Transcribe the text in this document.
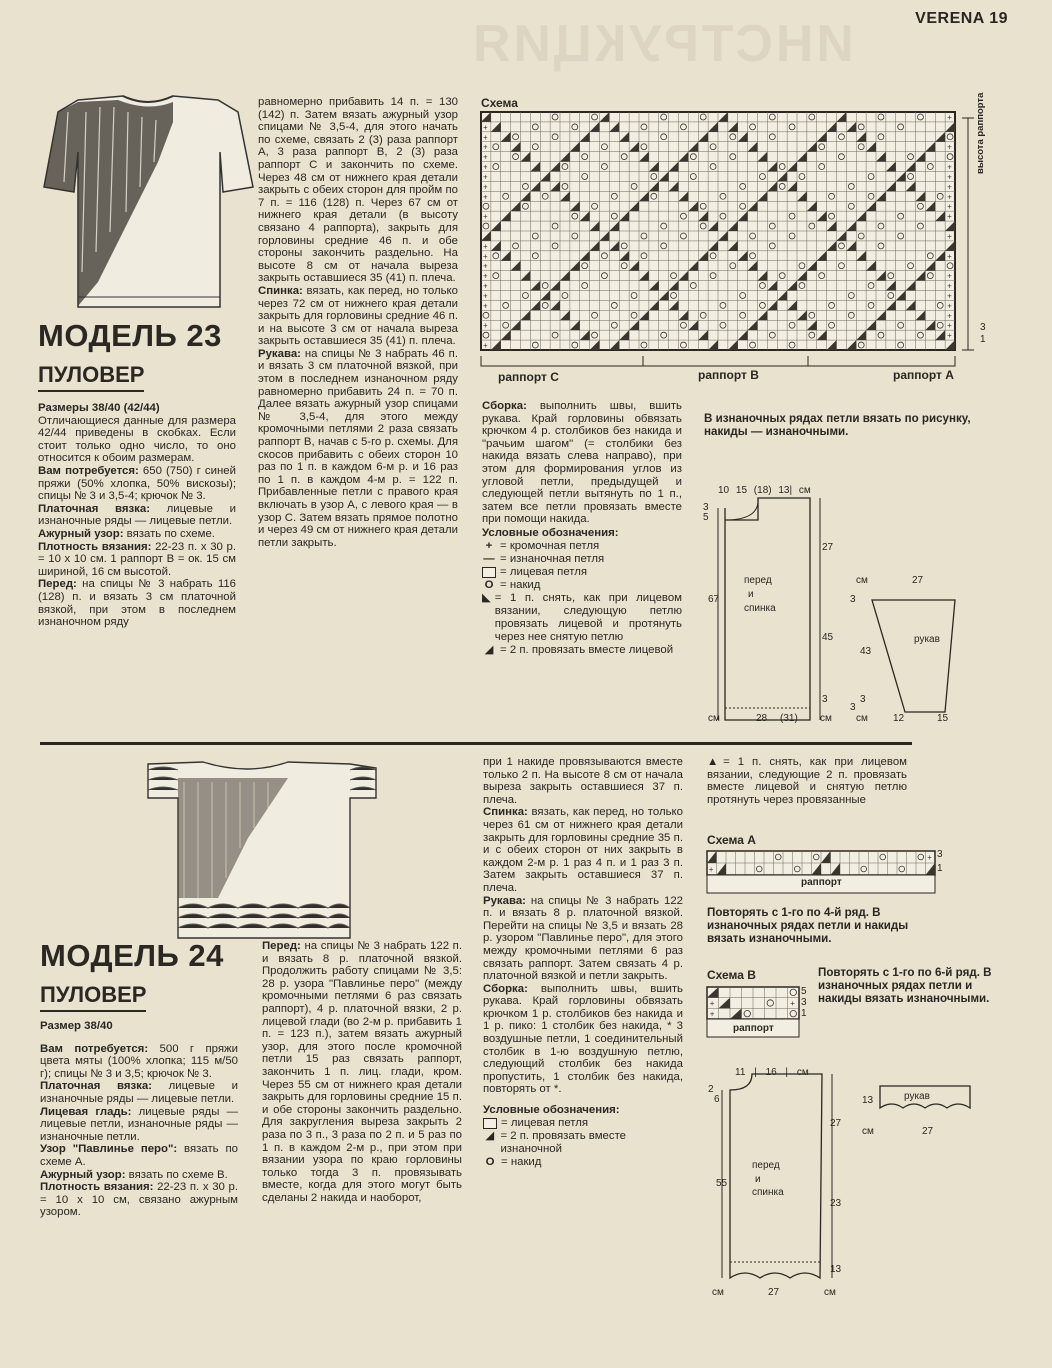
ИНСТРУКЦИЯ	VERENA 19
МОДЕЛЬ 23
ПУЛОВЕР

Размеры 38/40 (42/44)

Отличающиеся данные для размера 42/44 приведены в скобках. Если стоит только одно число, то оно относится к обоим размерам.

Вам потребуется: 650 (750) г синей пряжи (50% хлопка, 50% вискозы); спицы № 3 и 3,5-4; крючок № 3.

Платочная вязка: лицевые и изнаночные ряды — лицевые петли.

Ажурный узор: вязать по схеме.

Плотность вязания: 22-23 п. х 30 р. = 10 х 10 см. 1 раппорт В = ок. 15 см шириной, 16 см высотой.

Перед: на спицы № 3 набрать 116 (128) п. и вязать 3 см платочной вязкой, при этом в последнем изнаночном ряду

равномерно прибавить 14 п. = 130 (142) п. Затем вязать ажурный узор спицами № 3,5-4, для этого начать по схеме, связать 2 (3) раза раппорт А, 3 раза раппорт В, 2 (3) раза раппорт С и закончить по схеме. Через 48 см от нижнего края детали закрыть с обеих сторон для пройм по 7 п. = 116 (128) п. Через 67 см от нижнего края детали (в высоту связано 4 раппорта), закрыть для горловины средние 46 п. и обе стороны закончить раздельно. На высоте 8 см от начала выреза закрыть оставшиеся 35 (41) п. плеча.

Спинка: вязать, как перед, но только через 72 см от нижнего края детали закрыть для горловины средние 46 п. и на высоте 3 см от начала выреза закрыть оставшиеся 35 (41) п. плеча.

Рукава: на спицы № 3 набрать 46 п. и вязать 3 см платочной вязкой, при этом в последнем изнаночном ряду равномерно прибавить 24 п. = 70 п. Далее вязать ажурный узор спицами № 3,5-4, для этого между кромочными петлями 2 раза связать раппорт В, начав с 5-го р. схемы. Для скосов прибавить с обеих сторон 10 раз по 1 п. в каждом 6-м р. и 16 раз по 1 п. в каждом 4-м р. = 122 п. Прибавленные петли с правого края включать в узор А, с левого края — в узор С. Затем вязать прямое полотно и через 49 см от нижнего края детали петли закрыть.

Схема
+
+
+
+	+
+
+	+
+	+
+	+
+	+
+
+	+
+
+
+	+
+
+	+
+	+
+	+
+	+
+
+	+
+
+
высота раппорта
3
1
раппорт С	раппорт В	раппорт А

Сборка: выполнить швы, вшить рукава. Край горловины обвязать крючком 4 р. столбиков без накида и "рачьим шагом" (= столбики без накида вязать слева направо), при этом для формирования углов из угловой петли, предыдущей и следующей петли вытянуть по 1 п., затем все петли провязать вместе при помощи накида.

Условные обозначения:

+ = кромочная петля
— = изнаночная петля
= лицевая петля
О = накид
◣ = 1 п. снять, как при лицевом вязании, следующую петлю провязать лицевой и протянуть через нее снятую петлю
◢ = 2 п. провязать вместе лицевой
В изнаночных рядах петли вязать по рисунку, накиды — изнаночными.
10 15 (18) 13| см
3
5
27
67
45
перед
и
спинка
3	3
см	28 (31) см
см	27
3
43
3
рукав
см	12	15
МОДЕЛЬ 24
ПУЛОВЕР

Размер 38/40

Вам потребуется: 500 г пряжи цвета мяты (100% хлопка; 115 м/50 г); спицы № 3 и 3,5; крючок № 3.

Платочная вязка: лицевые и изнаночные ряды — лицевые петли.

Лицевая гладь: лицевые ряды — лицевые петли, изнаночные ряды — изнаночные петли.

Узор "Павлинье перо": вязать по схеме А.

Ажурный узор: вязать по схеме В.

Плотность вязания: 22-23 п. х 30 р. = 10 х 10 см, связано ажурным узором.

Перед: на спицы № 3 набрать 122 п. и вязать 8 р. платочной вязкой. Продолжить работу спицами № 3,5: 28 р. узора "Павлинье перо" (между кромочными петлями 6 раз связать раппорт), 4 р. платочной вязки, 2 р. лицевой глади (во 2-м р. прибавить 1 п. = 123 п.), затем вязать ажурный узор, для этого после кромочной петли 15 раз связать раппорт, закончить 1 п. лиц. глади, кром. Через 55 см от нижнего края детали закрыть для горловины средние 15 п. и обе стороны закончить раздельно. Для закругления выреза закрыть 2 раза по 3 п., 3 раза по 2 п. и 5 раз по 1 п. в каждом 2-м р., при этом при вязании узора по краю горловины только тогда 3 п. провязывать вместе, когда для этого могут быть сделаны 2 накида и наоборот,

при 1 накиде провязываются вместе только 2 п. На высоте 8 см от начала выреза закрыть оставшиеся 37 п. плеча.

Спинка: вязать, как перед, но только через 61 см от нижнего края детали закрыть для горловины средние 35 п. и с обеих сторон от них закрыть в каждом 2-м р. 1 раз 4 п. и 1 раз 3 п. Затем закрыть оставшиеся 37 п. плеча.

Рукава: на спицы № 3 набрать 122 п. и вязать 8 р. платочной вязкой. Перейти на спицы № 3,5 и вязать 28 р. узором "Павлинье перо", для этого между кромочными петлями 6 раз связать раппорт. Затем связать 4 р. платочной вязкой и петли закрыть.

Сборка: выполнить швы, вшить рукава. Край горловины обвязать крючком 1 р. столбиков без накида и 1 р. пико: 1 столбик без накида, * 3 воздушные петли, 1 соединительный столбик в 1-ю воздушную петлю, следующий столбик без накида пропустить, 1 столбик без накида, повторять от *.

Условные обозначения:

= лицевая петля
◢ = 2 п. провязать вместе изнаночной
О = накид
▲= 1 п. снять, как при лицевом вязании, следующие 2 п. провязать вместе лицевой и снятую петлю протянуть через провязанные
Схема А
+
+
раппорт
3
1
Повторять с 1-го по 4-й ряд. В изнаночных рядах петли и накиды вязать изнаночными.
Схема В
+	+
+
раппорт
5
3
1
Повторять с 1-го по 6-й ряд. В изнаночных рядах петли и накиды вязать изнаночными.
11 | 16 | см
2
6
27
55
23
13
перед
и
спинка
см	27	см
13	рукав
см	27
